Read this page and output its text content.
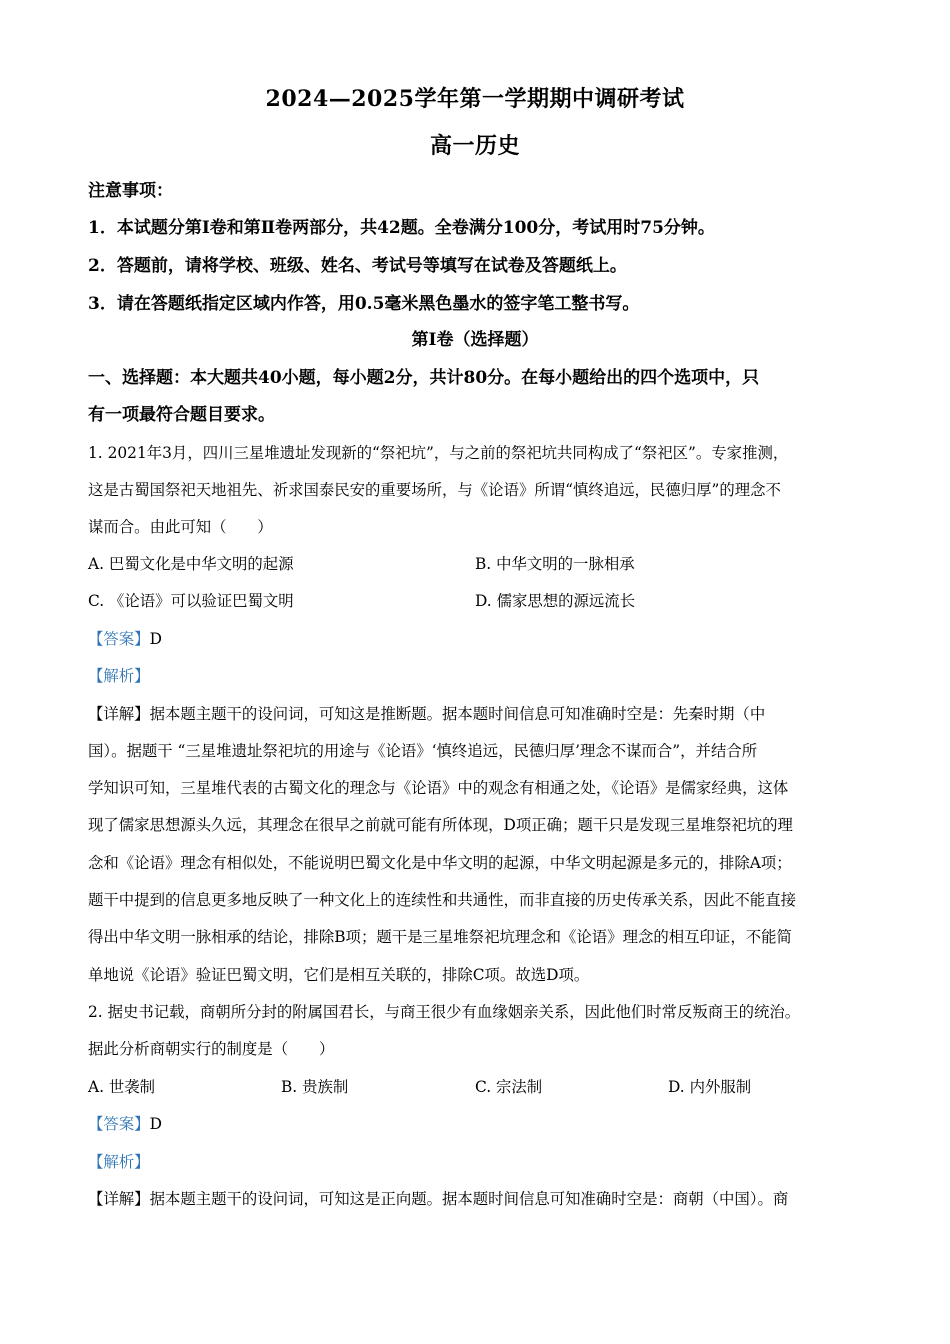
2024—2025学年第一学期期中调研考试
高一历史
注意事项：
1．本试题分第Ⅰ卷和第Ⅱ卷两部分，共42题。全卷满分100分，考试用时75分钟。
2．答题前，请将学校、班级、姓名、考试号等填写在试卷及答题纸上。
3．请在答题纸指定区域内作答，用0.5毫米黑色墨水的签字笔工整书写。
第Ⅰ卷（选择题）
一、选择题：本大题共40小题，每小题2分，共计80分。在每小题给出的四个选项中，只
有一项最符合题目要求。
1. 2021年3月，四川三星堆遗址发现新的“祭祀坑”，与之前的祭祀坑共同构成了“祭祀区”。专家推测，
这是古蜀国祭祀天地祖先、祈求国泰民安的重要场所，与《论语》所谓“慎终追远，民德归厚”的理念不
谋而合。由此可知（　　）
A. 巴蜀文化是中华文明的起源	B. 中华文明的一脉相承
C. 《论语》可以验证巴蜀文明	D. 儒家思想的源远流长
【答案】D
【解析】
【详解】据本题主题干的设问词，可知这是推断题。据本题时间信息可知准确时空是：先秦时期（中
国）。据题干 “三星堆遗址祭祀坑的用途与《论语》‘慎终追远，民德归厚’理念不谋而合”，并结合所
学知识可知，三星堆代表的古蜀文化的理念与《论语》中的观念有相通之处，《论语》是儒家经典，这体
现了儒家思想源头久远，其理念在很早之前就可能有所体现，D项正确；题干只是发现三星堆祭祀坑的理
念和《论语》理念有相似处，不能说明巴蜀文化是中华文明的起源，中华文明起源是多元的，排除A项；
题干中提到的信息更多地反映了一种文化上的连续性和共通性，而非直接的历史传承关系，因此不能直接
得出中华文明一脉相承的结论，排除B项；题干是三星堆祭祀坑理念和《论语》理念的相互印证，不能简
单地说《论语》验证巴蜀文明，它们是相互关联的，排除C项。故选D项。
2. 据史书记载，商朝所分封的附属国君长，与商王很少有血缘姻亲关系，因此他们时常反叛商王的统治。
据此分析商朝实行的制度是（　　）
A. 世袭制	B. 贵族制	C. 宗法制	D. 内外服制
【答案】D
【解析】
【详解】据本题主题干的设问词，可知这是正向题。据本题时间信息可知准确时空是：商朝（中国）。商
